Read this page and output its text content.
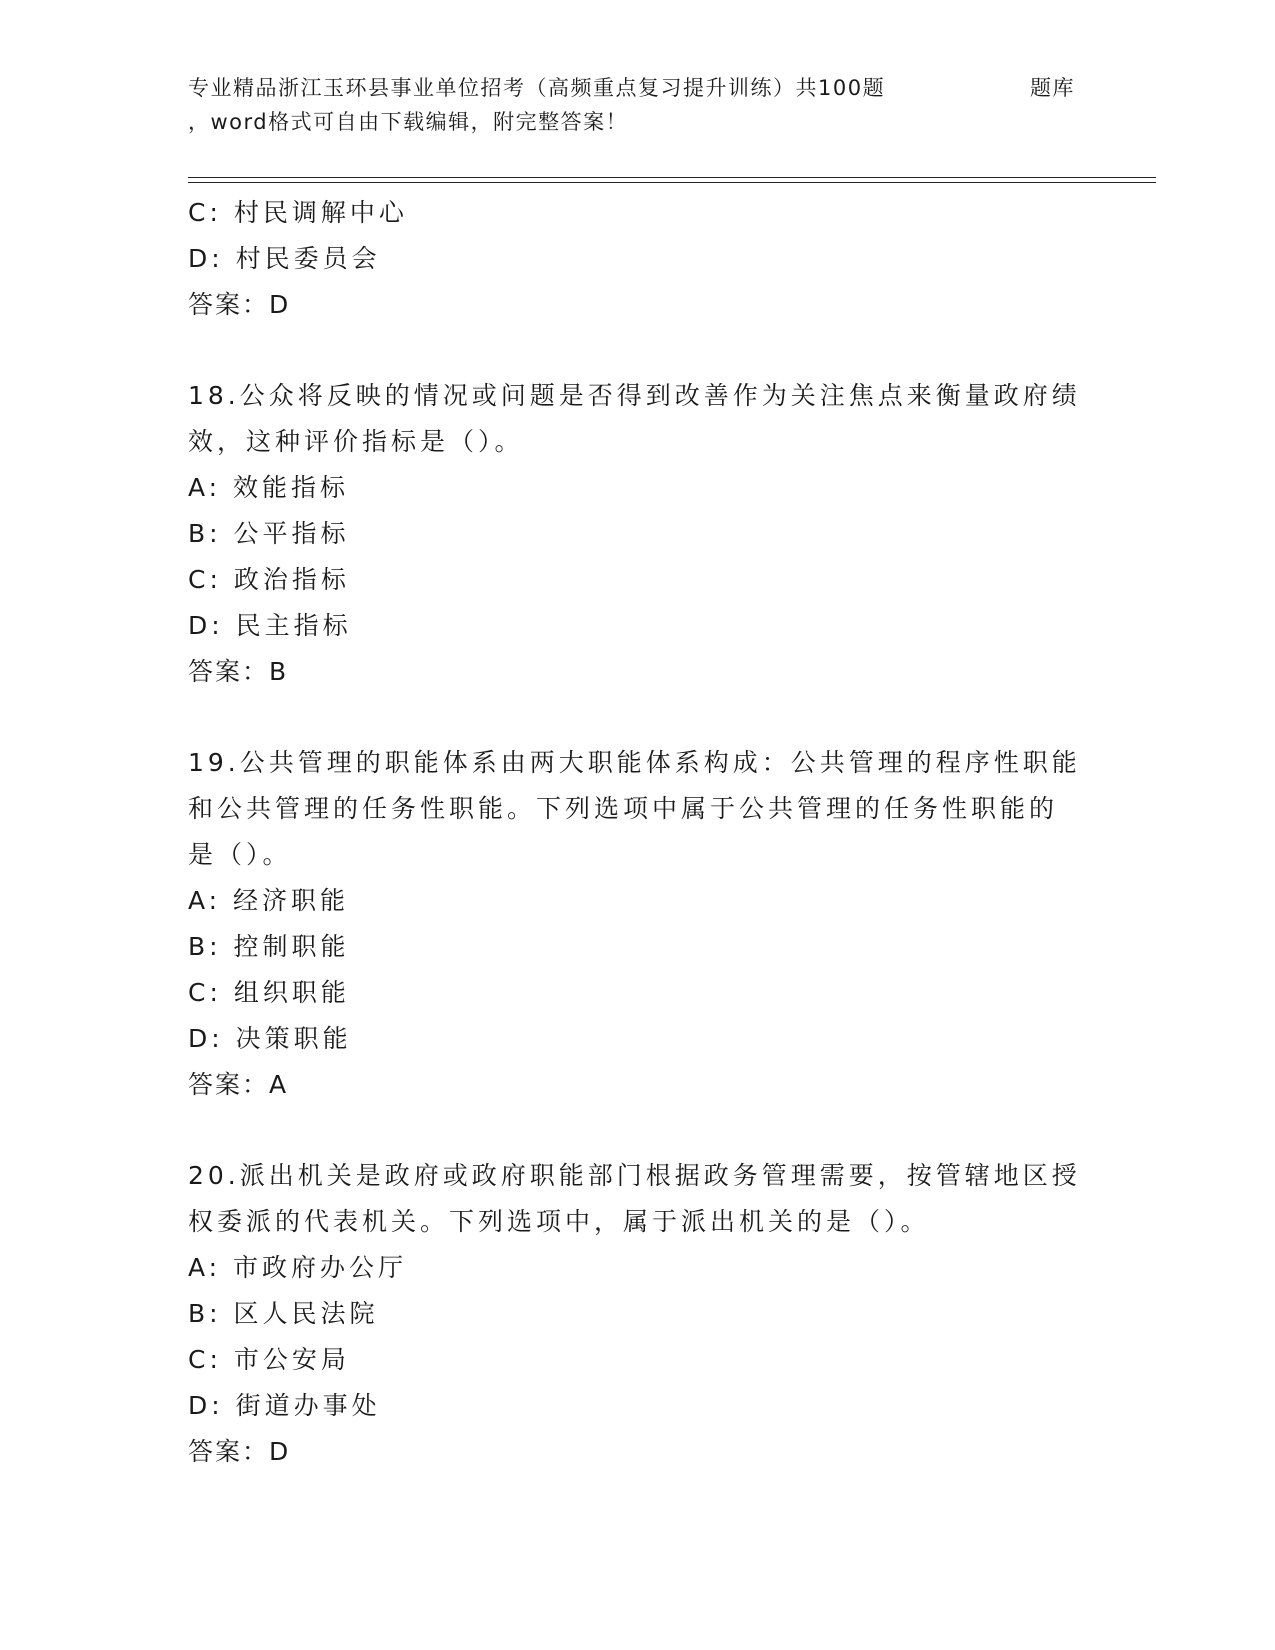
专业精品浙江玉环县事业单位招考（高频重点复习提升训练）共100题
，word格式可自由下载编辑，附完整答案！
题库
C: 村民调解中心
D: 村民委员会
答案：D
18.公众将反映的情况或问题是否得到改善作为关注焦点来衡量政府绩
效，这种评价指标是（）。
A: 效能指标
B: 公平指标
C: 政治指标
D: 民主指标
答案：B
19.公共管理的职能体系由两大职能体系构成：公共管理的程序性职能
和公共管理的任务性职能。下列选项中属于公共管理的任务性职能的
是（）。
A: 经济职能
B: 控制职能
C: 组织职能
D: 决策职能
答案：A
20.派出机关是政府或政府职能部门根据政务管理需要，按管辖地区授
权委派的代表机关。下列选项中，属于派出机关的是（）。
A: 市政府办公厅
B: 区人民法院
C: 市公安局
D: 街道办事处
答案：D
